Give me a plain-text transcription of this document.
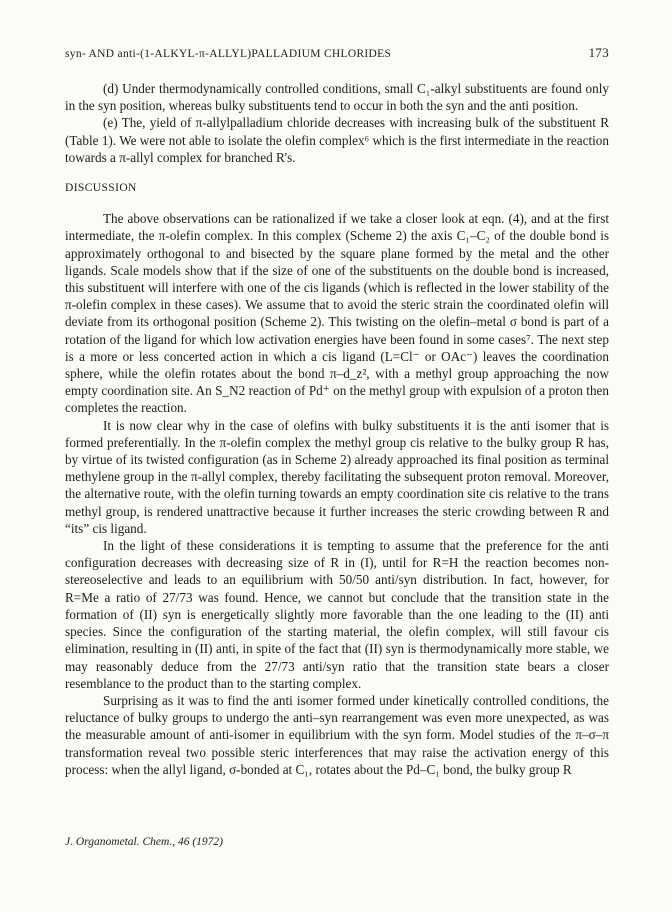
syn- AND anti-(1-ALKYL-π-ALLYL)PALLADIUM CHLORIDES	173

(d) Under thermodynamically controlled conditions, small C₁-alkyl substituents are found only in the syn position, whereas bulky substituents tend to occur in both the syn and the anti position.

(e) The, yield of π-allylpalladium chloride decreases with increasing bulk of the substituent R (Table 1). We were not able to isolate the olefin complex⁶ which is the first intermediate in the reaction towards a π-allyl complex for branched R's.

DISCUSSION

The above observations can be rationalized if we take a closer look at eqn. (4), and at the first intermediate, the π-olefin complex. In this complex (Scheme 2) the axis C₁–C₂ of the double bond is approximately orthogonal to and bisected by the square plane formed by the metal and the other ligands. Scale models show that if the size of one of the substituents on the double bond is increased, this substituent will interfere with one of the cis ligands (which is reflected in the lower stability of the π-olefin complex in these cases). We assume that to avoid the steric strain the coordinated olefin will deviate from its orthogonal position (Scheme 2). This twisting on the olefin–metal σ bond is part of a rotation of the ligand for which low activation energies have been found in some cases⁷. The next step is a more or less concerted action in which a cis ligand (L=Cl⁻ or OAc⁻) leaves the coordination sphere, while the olefin rotates about the bond π–d_z², with a methyl group approaching the now empty coordination site. An S_N2 reaction of Pd⁺ on the methyl group with expulsion of a proton then completes the reaction.

It is now clear why in the case of olefins with bulky substituents it is the anti isomer that is formed preferentially. In the π-olefin complex the methyl group cis relative to the bulky group R has, by virtue of its twisted configuration (as in Scheme 2) already approached its final position as terminal methylene group in the π-allyl complex, thereby facilitating the subsequent proton removal. Moreover, the alternative route, with the olefin turning towards an empty coordination site cis relative to the trans methyl group, is rendered unattractive because it further increases the steric crowding between R and “its” cis ligand.

In the light of these considerations it is tempting to assume that the preference for the anti configuration decreases with decreasing size of R in (I), until for R=H the reaction becomes non-stereoselective and leads to an equilibrium with 50/50 anti/syn distribution. In fact, however, for R=Me a ratio of 27/73 was found. Hence, we cannot but conclude that the transition state in the formation of (II) syn is energetically slightly more favorable than the one leading to the (II) anti species. Since the configuration of the starting material, the olefin complex, will still favour cis elimination, resulting in (II) anti, in spite of the fact that (II) syn is thermodynamically more stable, we may reasonably deduce from the 27/73 anti/syn ratio that the transition state bears a closer resemblance to the product than to the starting complex.

Surprising as it was to find the anti isomer formed under kinetically controlled conditions, the reluctance of bulky groups to undergo the anti–syn rearrangement was even more unexpected, as was the measurable amount of anti-isomer in equilibrium with the syn form. Model studies of the π–σ–π transformation reveal two possible steric interferences that may raise the activation energy of this process: when the allyl ligand, σ-bonded at C₁, rotates about the Pd–C₁ bond, the bulky group R

J. Organometal. Chem., 46 (1972)
